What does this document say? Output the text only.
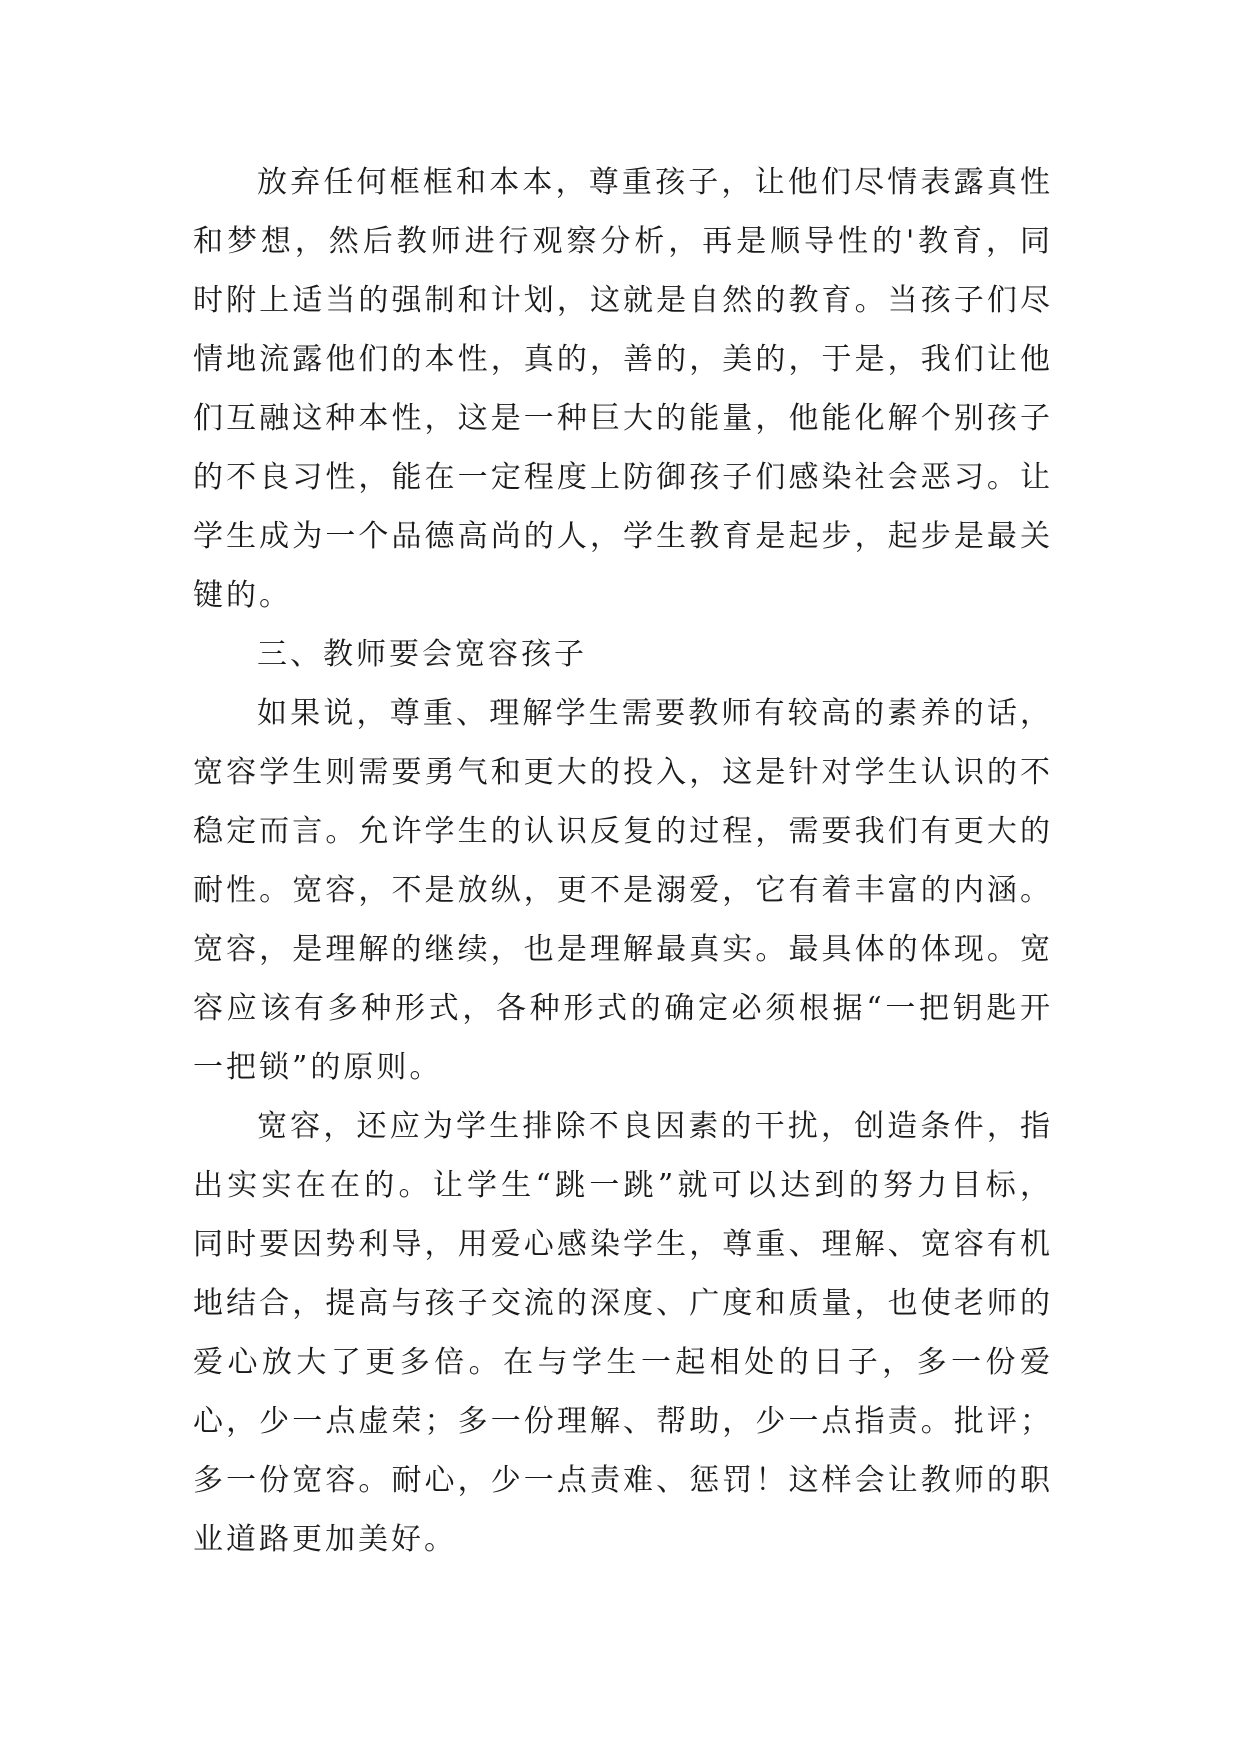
放弃任何框框和本本，尊重孩子，让他们尽情表露真性和梦想，然后教师进行观察分析，再是顺导性的'教育，同时附上适当的强制和计划，这就是自然的教育。当孩子们尽情地流露他们的本性，真的，善的，美的，于是，我们让他们互融这种本性，这是一种巨大的能量，他能化解个别孩子的不良习性，能在一定程度上防御孩子们感染社会恶习。让学生成为一个品德高尚的人，学生教育是起步，起步是最关键的。

三、教师要会宽容孩子

如果说，尊重、理解学生需要教师有较高的素养的话，宽容学生则需要勇气和更大的投入，这是针对学生认识的不稳定而言。允许学生的认识反复的过程，需要我们有更大的耐性。宽容，不是放纵，更不是溺爱，它有着丰富的内涵。宽容，是理解的继续，也是理解最真实。最具体的体现。宽容应该有多种形式，各种形式的确定必须根据“一把钥匙开一把锁”的原则。

宽容，还应为学生排除不良因素的干扰，创造条件，指出实实在在的。让学生“跳一跳”就可以达到的努力目标，同时要因势利导，用爱心感染学生，尊重、理解、宽容有机地结合，提高与孩子交流的深度、广度和质量，也使老师的爱心放大了更多倍。在与学生一起相处的日子，多一份爱心，少一点虚荣；多一份理解、帮助，少一点指责。批评；多一份宽容。耐心，少一点责难、惩罚！这样会让教师的职业道路更加美好。
